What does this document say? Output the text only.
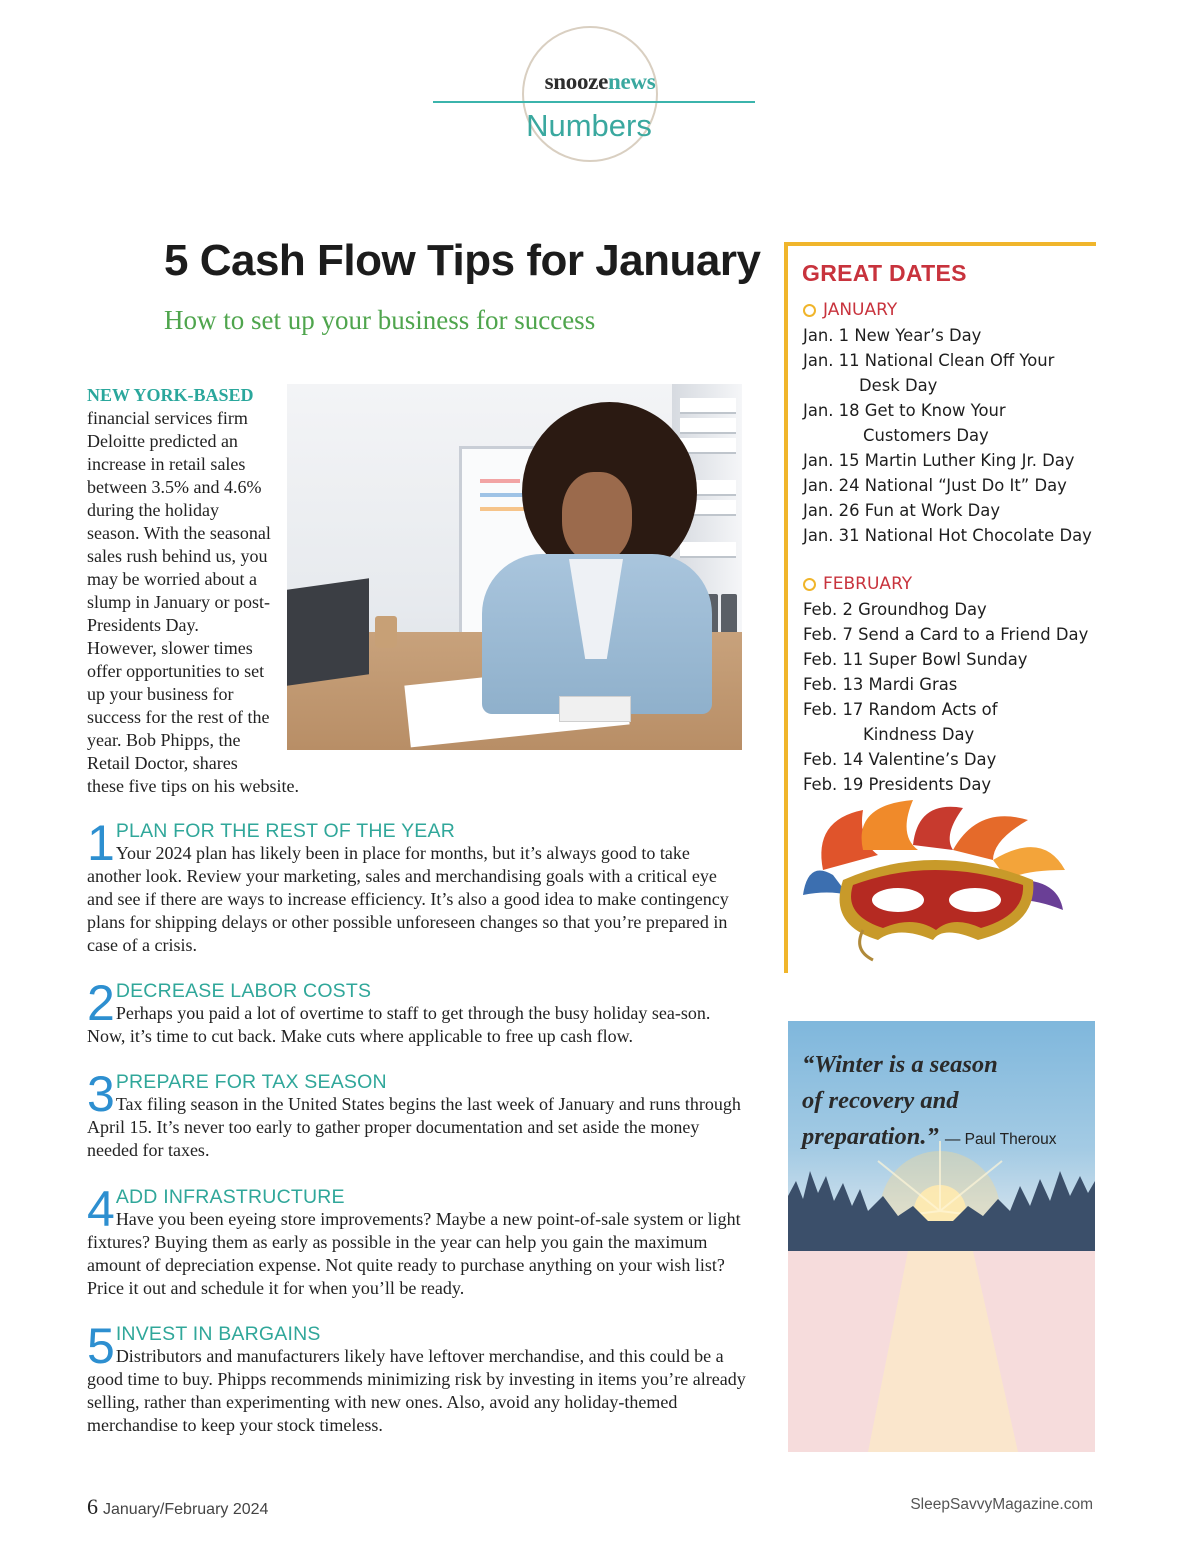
snoozenews
Numbers
5 Cash Flow Tips for January
How to set up your business for success
NEW YORK-BASED
financial services firm Deloitte predicted an increase in retail sales between 3.5% and 4.6% during the holiday season. With the seasonal sales rush behind us, you may be worried about a slump in January or post-Presidents Day. However, slower times offer opportunities to set up your business for success for the rest of the year. Bob Phipps, the Retail Doctor, shares these five tips on his website.
1 PLAN FOR THE REST OF THE YEAR
Your 2024 plan has likely been in place for months, but it’s always good to take another look. Review your marketing, sales and merchandising goals with a critical eye and see if there are ways to increase efficiency. It’s also a good idea to make contingency plans for shipping delays or other possible unforeseen changes so that you’re prepared in case of a crisis.
2 DECREASE LABOR COSTS
Perhaps you paid a lot of overtime to staff to get through the busy holiday sea-son. Now, it’s time to cut back. Make cuts where applicable to free up cash flow.
3 PREPARE FOR TAX SEASON
Tax filing season in the United States begins the last week of January and runs through April 15. It’s never too early to gather proper documentation and set aside the money needed for taxes.
4 ADD INFRASTRUCTURE
Have you been eyeing store improvements? Maybe a new point-of-sale system or light fixtures? Buying them as early as possible in the year can help you gain the maximum amount of depreciation expense. Not quite ready to purchase anything on your wish list? Price it out and schedule it for when you’ll be ready.
5 INVEST IN BARGAINS
Distributors and manufacturers likely have leftover merchandise, and this could be a good time to buy. Phipps recommends minimizing risk by investing in items you’re already selling, rather than experimenting with new ones. Also, avoid any holiday-themed merchandise to keep your stock timeless.
GREAT DATES
JANUARY
Jan. 1 New Year’s Day
Jan. 11 National Clean Off Your
Desk Day
Jan. 18 Get to Know Your
Customers Day
Jan. 15 Martin Luther King Jr. Day
Jan. 24 National “Just Do It” Day
Jan. 26 Fun at Work Day
Jan. 31 National Hot Chocolate Day
FEBRUARY
Feb. 2 Groundhog Day
Feb. 7 Send a Card to a Friend Day
Feb. 11 Super Bowl Sunday
Feb. 13 Mardi Gras
Feb. 17 Random Acts of
Kindness Day
Feb. 14 Valentine’s Day
Feb. 19 Presidents Day
“Winter is a season
of recovery and
preparation.” — Paul Theroux
6 January/February 2024	SleepSavvyMagazine.com
